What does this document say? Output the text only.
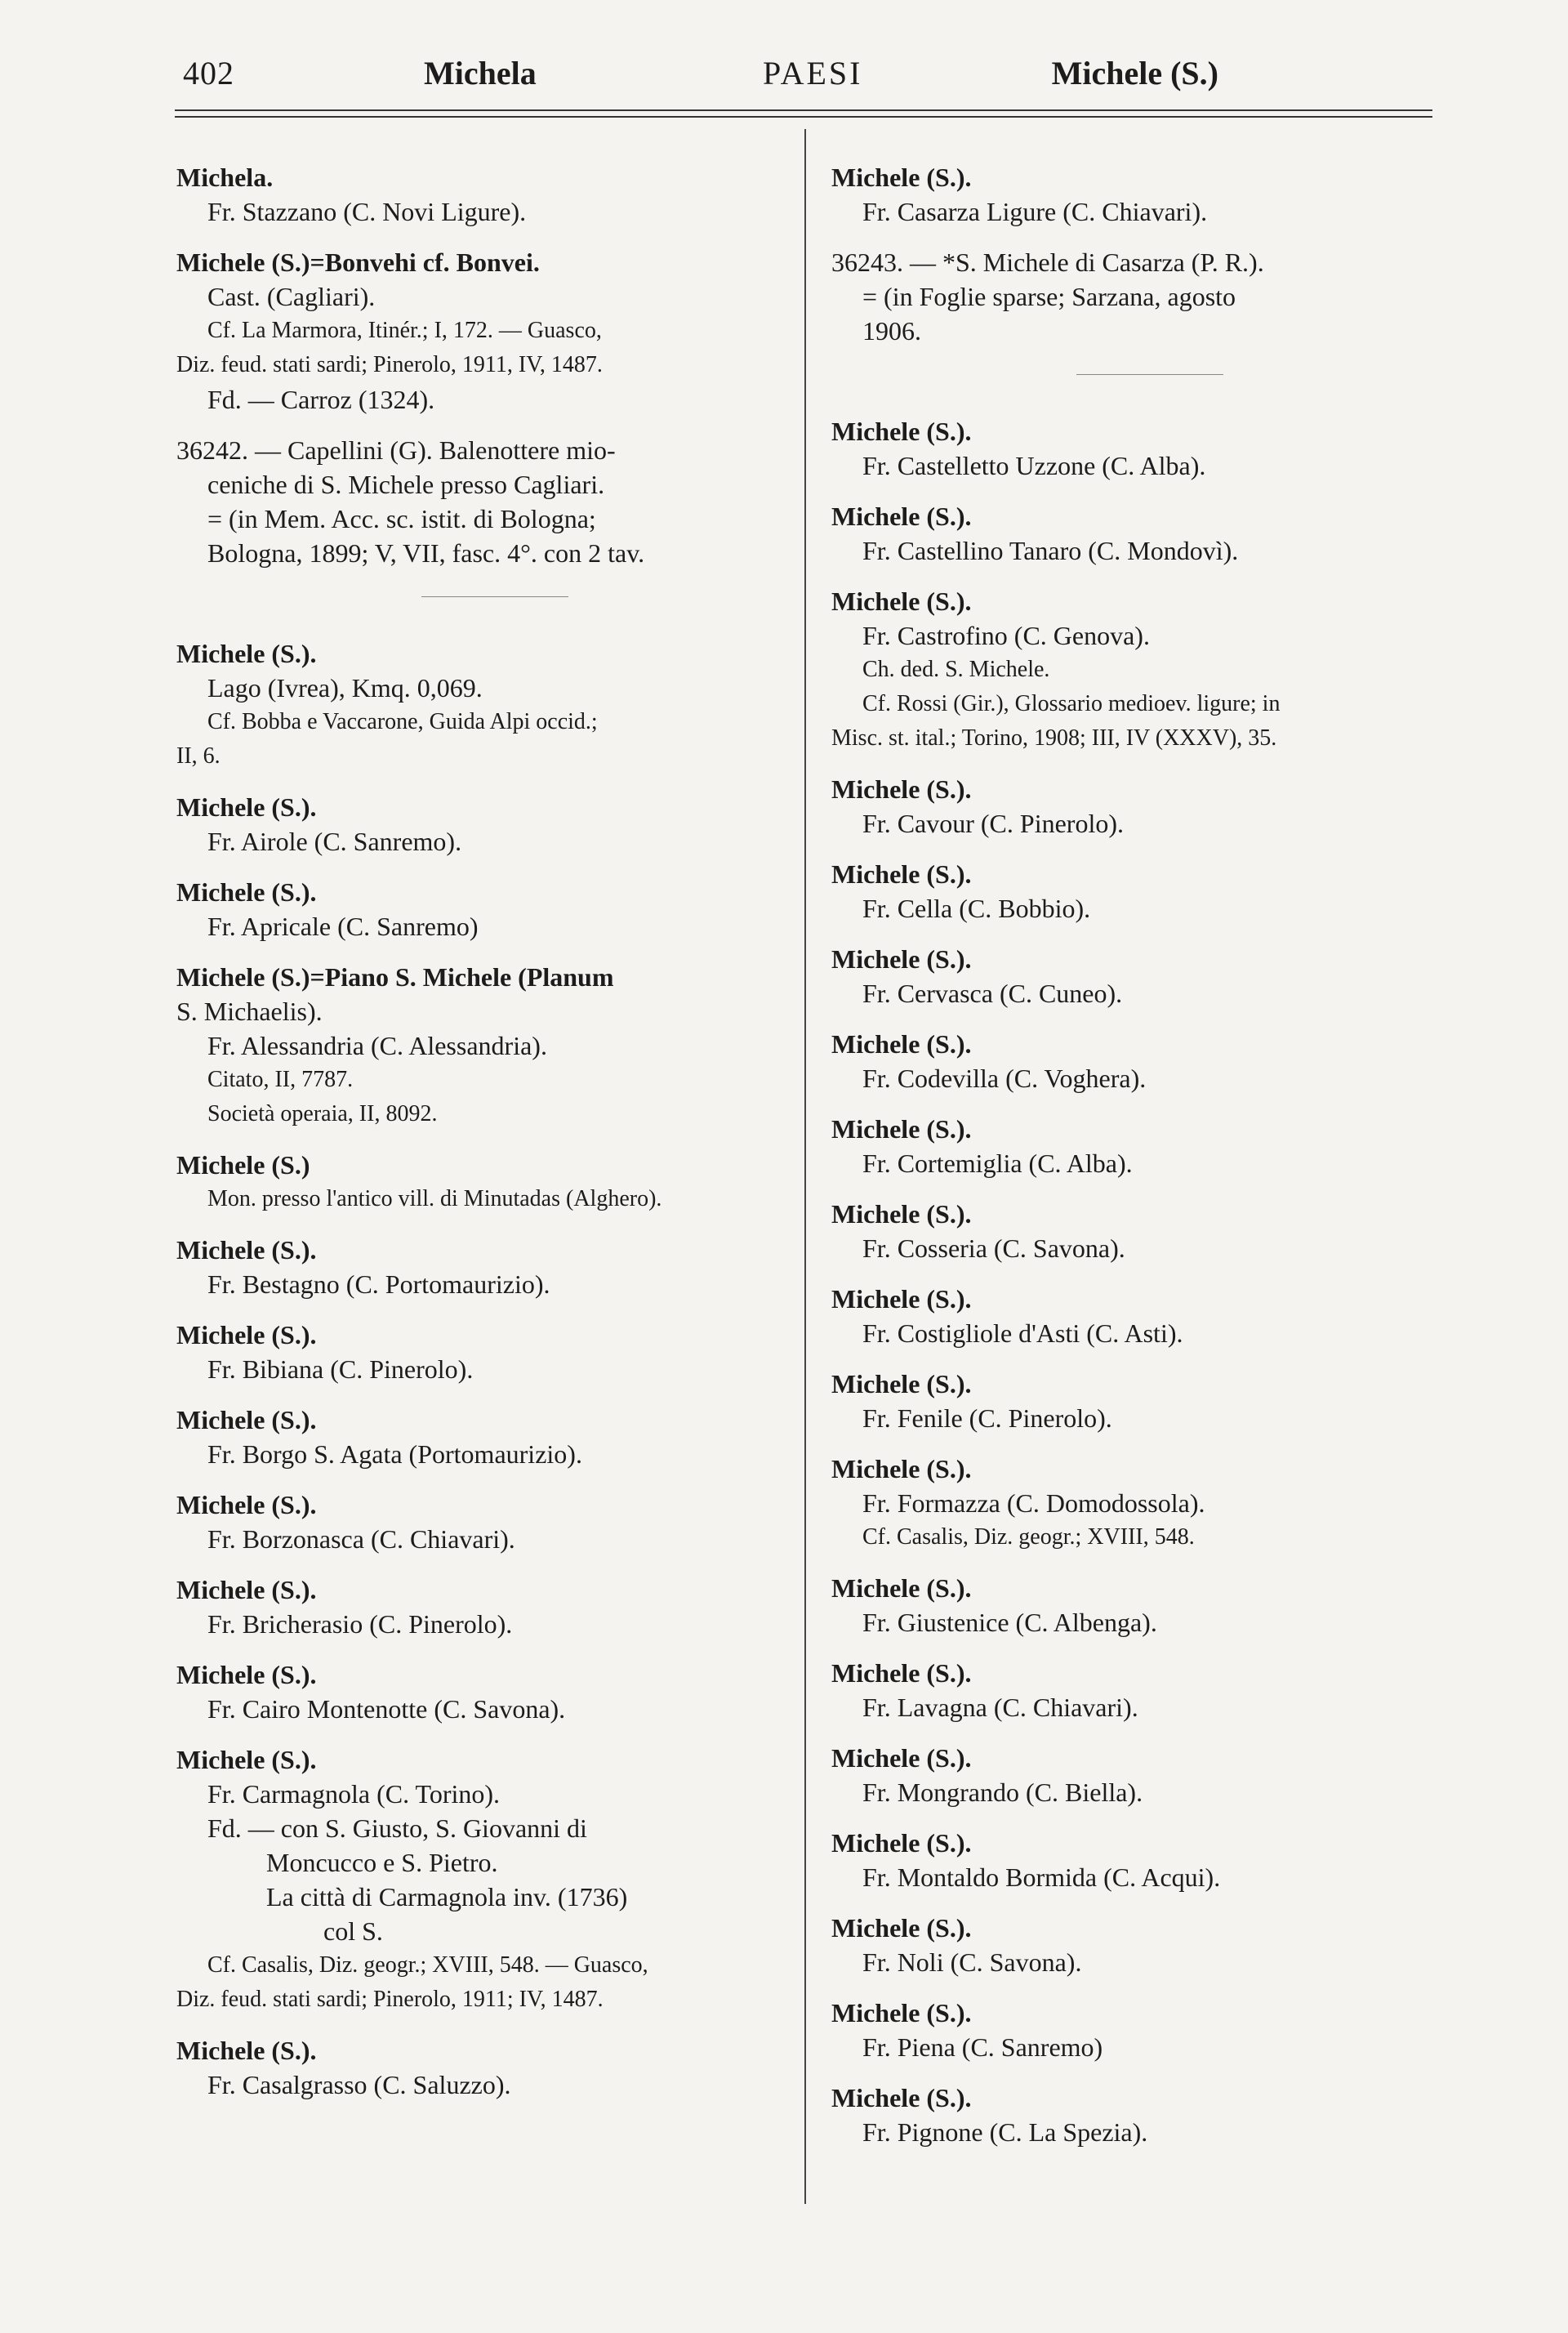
402	Michela	PAESI	Michele (S.)

Michela.

Fr. Stazzano (C. Novi Ligure).

Michele (S.)=Bonvehi cf. Bonvei.

Cast. (Cagliari).

Cf. La Marmora, Itinér.; I, 172. — Guasco,

Diz. feud. stati sardi; Pinerolo, 1911, IV, 1487.

Fd. — Carroz (1324).

36242. — Capellini (G). Balenottere mio-

ceniche di S. Michele presso Cagliari.

= (in Mem. Acc. sc. istit. di Bologna;

Bologna, 1899; V, VII, fasc. 4°. con 2 tav.

Michele (S.).

Lago (Ivrea), Kmq. 0,069.

Cf. Bobba e Vaccarone, Guida Alpi occid.;

II, 6.

Michele (S.).

Fr. Airole (C. Sanremo).

Michele (S.).

Fr. Apricale (C. Sanremo)

Michele (S.)=Piano S. Michele (Planum

S. Michaelis).

Fr. Alessandria (C. Alessandria).

Citato, II, 7787.

Società operaia, II, 8092.

Michele (S.)

Mon. presso l'antico vill. di Minutadas (Alghero).

Michele (S.).

Fr. Bestagno (C. Portomaurizio).

Michele (S.).

Fr. Bibiana (C. Pinerolo).

Michele (S.).

Fr. Borgo S. Agata (Portomaurizio).

Michele (S.).

Fr. Borzonasca (C. Chiavari).

Michele (S.).

Fr. Bricherasio (C. Pinerolo).

Michele (S.).

Fr. Cairo Montenotte (C. Savona).

Michele (S.).

Fr. Carmagnola (C. Torino).

Fd. — con S. Giusto, S. Giovanni di

Moncucco e S. Pietro.

La città di Carmagnola inv. (1736)

col S.

Cf. Casalis, Diz. geogr.; XVIII, 548. — Guasco,

Diz. feud. stati sardi; Pinerolo, 1911; IV, 1487.

Michele (S.).

Fr. Casalgrasso (C. Saluzzo).

Michele (S.).

Fr. Casarza Ligure (C. Chiavari).

36243. — *S. Michele di Casarza (P. R.).

= (in Foglie sparse; Sarzana, agosto

1906.

Michele (S.).

Fr. Castelletto Uzzone (C. Alba).

Michele (S.).

Fr. Castellino Tanaro (C. Mondovì).

Michele (S.).

Fr. Castrofino (C. Genova).

Ch. ded. S. Michele.

Cf. Rossi (Gir.), Glossario medioev. ligure; in

Misc. st. ital.; Torino, 1908; III, IV (XXXV), 35.

Michele (S.).

Fr. Cavour (C. Pinerolo).

Michele (S.).

Fr. Cella (C. Bobbio).

Michele (S.).

Fr. Cervasca (C. Cuneo).

Michele (S.).

Fr. Codevilla (C. Voghera).

Michele (S.).

Fr. Cortemiglia (C. Alba).

Michele (S.).

Fr. Cosseria (C. Savona).

Michele (S.).

Fr. Costigliole d'Asti (C. Asti).

Michele (S.).

Fr. Fenile (C. Pinerolo).

Michele (S.).

Fr. Formazza (C. Domodossola).

Cf. Casalis, Diz. geogr.; XVIII, 548.

Michele (S.).

Fr. Giustenice (C. Albenga).

Michele (S.).

Fr. Lavagna (C. Chiavari).

Michele (S.).

Fr. Mongrando (C. Biella).

Michele (S.).

Fr. Montaldo Bormida (C. Acqui).

Michele (S.).

Fr. Noli (C. Savona).

Michele (S.).

Fr. Piena (C. Sanremo)

Michele (S.).

Fr. Pignone (C. La Spezia).
